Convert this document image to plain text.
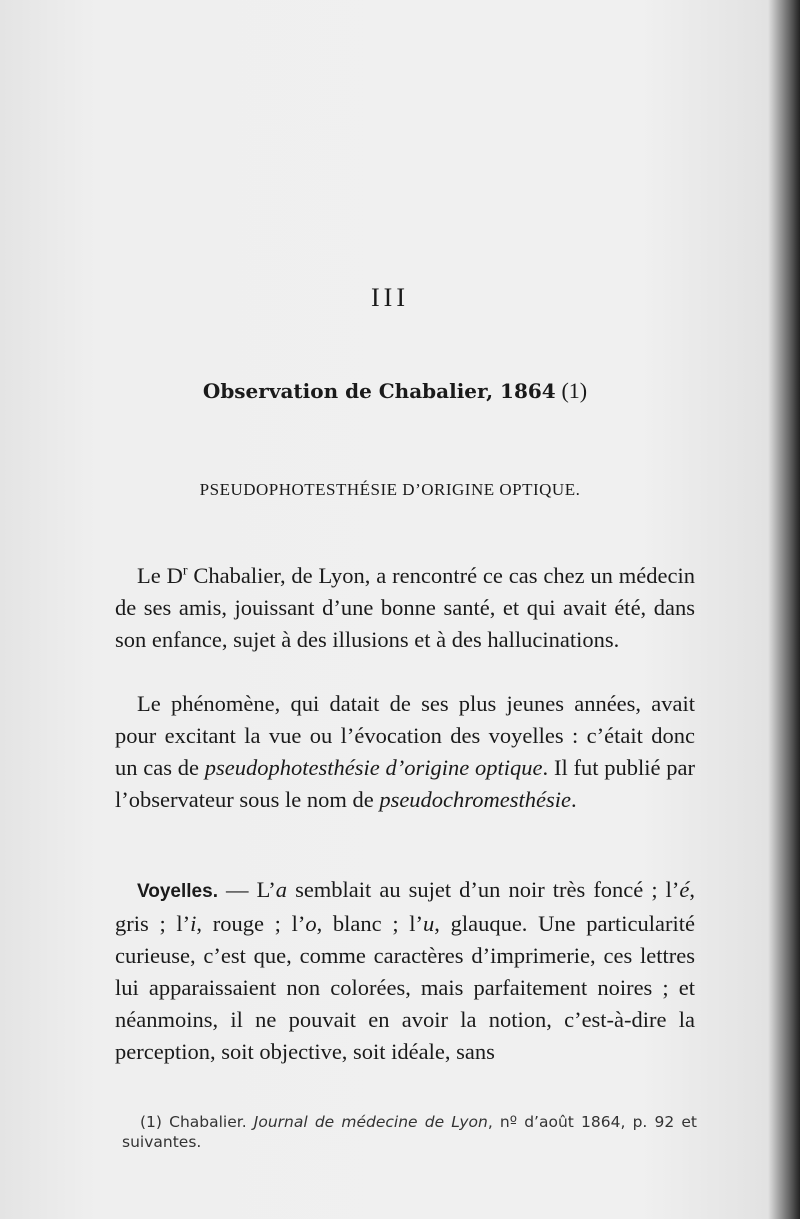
III
Observation de Chabalier, 1864 (1)
PSEUDOPHOTESTHÉSIE D’ORIGINE OPTIQUE.

Le $D^r$ Chabalier, de Lyon, a rencontré ce cas chez un médecin de ses amis, jouissant d’une bonne santé, et qui avait été, dans son enfance, sujet à des illusions et à des hallucinations.

Le phénomène, qui datait de ses plus jeunes années, avait pour excitant la vue ou l’évocation des voyelles : c’était donc un cas de pseudophotesthésie d’origine optique. Il fut publié par l’observateur sous le nom de pseudochromesthésie.

Voyelles. — L’a semblait au sujet d’un noir très foncé ; l’é, gris ; l’i, rouge ; l’o, blanc ; l’u, glauque. Une particularité curieuse, c’est que, comme caractères d’imprimerie, ces lettres lui apparaissaient non colorées, mais parfaitement noires ; et néanmoins, il ne pouvait en avoir la notion, c’est-à-dire la perception, soit objective, soit idéale, sans

(1) Chabalier. Journal de médecine de Lyon, nº d’août 1864, p. 92 et suivantes.
